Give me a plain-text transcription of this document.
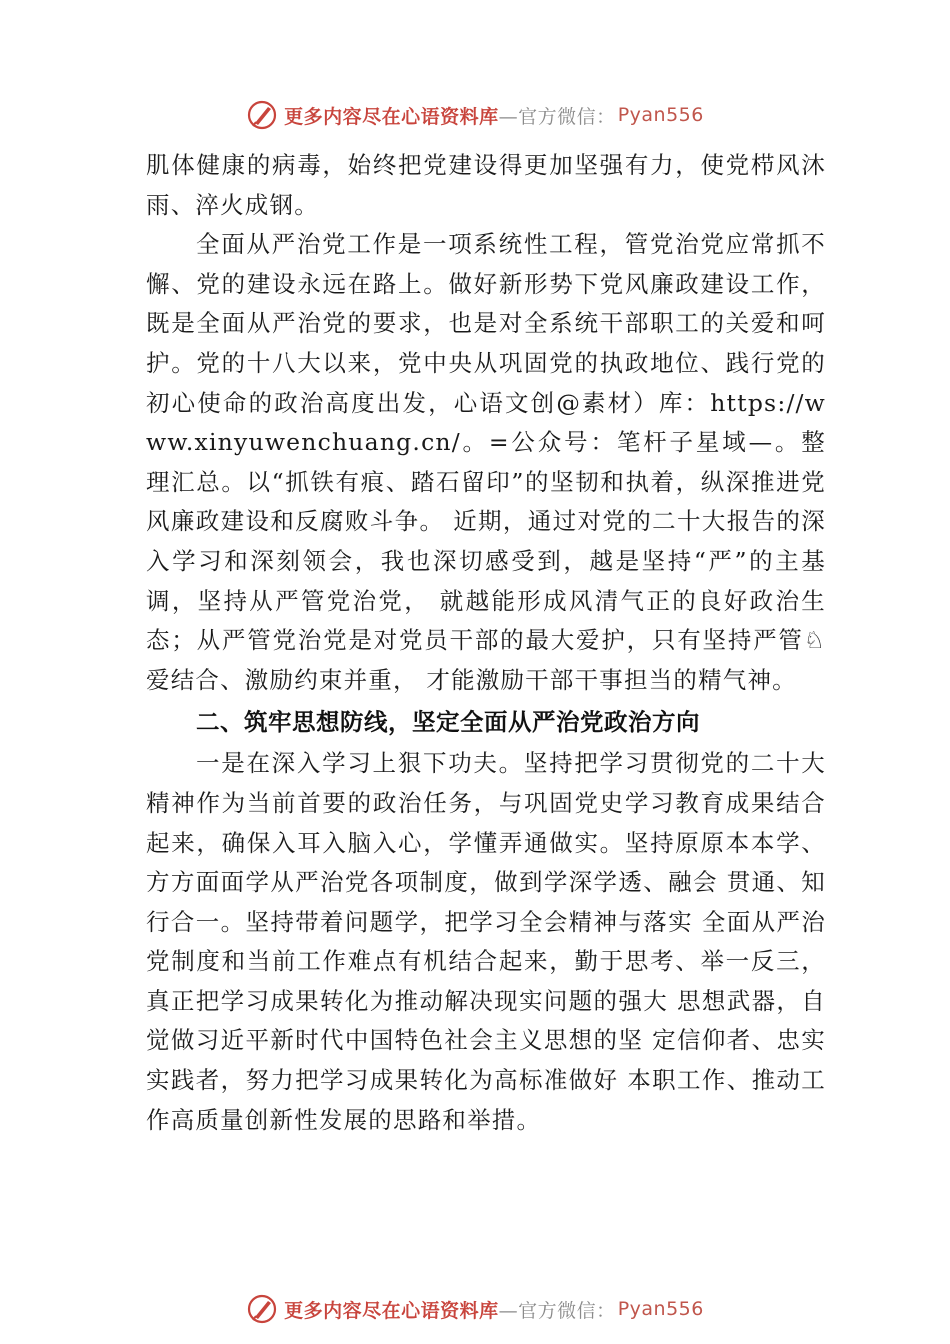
更多内容尽在心语资料库 —官方微信： Pyan556

肌体健康的病毒，始终把党建设得更加坚强有力，使党栉风沐雨、淬火成钢。

全面从严治党工作是一项系统性工程，管党治党应常抓不懈、党的建设永远在路上。做好新形势下党风廉政建设工作，既是全面从严治党的要求，也是对全系统干部职工的关爱和呵护。党的十八大以来，党中央从巩固党的执政地位、践行党的初心使命的政治高度出发，心语文创@素材）库：https://www.xinyuwenchuang.cn/。=公众号：笔杆子星域—。整理汇总。以“抓铁有痕、踏石留印”的坚韧和执着，纵深推进党风廉政建设和反腐败斗争。 近期，通过对党的二十大报告的深入学习和深刻领会，我也深切感受到，越是坚持“严”的主基调，坚持从严管党治党， 就越能形成风清气正的良好政治生态；从严管党治党是对党员干部的最大爱护，只有坚持严管♘爱结合、激励约束并重， 才能激励干部干事担当的精气神。

二、筑牢思想防线，坚定全面从严治党政治方向

一是在深入学习上狠下功夫。坚持把学习贯彻党的二十大精神作为当前首要的政治任务，与巩固党史学习教育成果结合起来，确保入耳入脑入心，学懂弄通做实。坚持原原本本学、方方面面学从严治党各项制度，做到学深学透、融会 贯通、知行合一。坚持带着问题学，把学习全会精神与落实 全面从严治党制度和当前工作难点有机结合起来，勤于思考、举一反三，真正把学习成果转化为推动解决现实问题的强大 思想武器，自觉做习近平新时代中国特色社会主义思想的坚 定信仰者、忠实实践者，努力把学习成果转化为高标准做好 本职工作、推动工作高质量创新性发展的思路和举措。

更多内容尽在心语资料库 —官方微信： Pyan556
